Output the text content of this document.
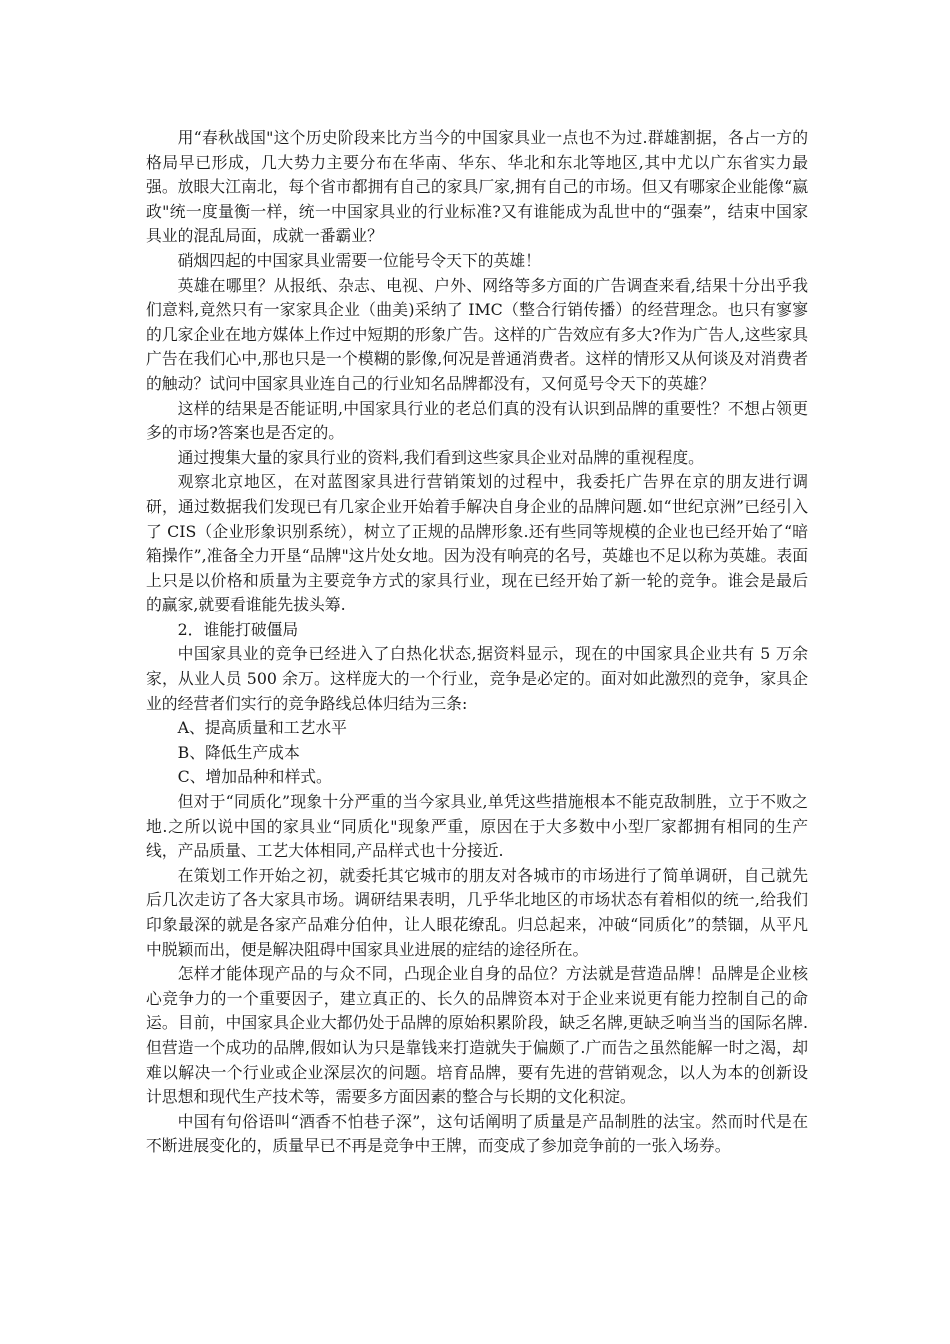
用“春秋战国"这个历史阶段来比方当今的中国家具业一点也不为过.群雄割据，各占一方的格局早已形成，几大势力主要分布在华南、华东、华北和东北等地区,其中尤以广东省实力最强。放眼大江南北，每个省市都拥有自己的家具厂家,拥有自己的市场。但又有哪家企业能像“嬴政"统一度量衡一样，统一中国家具业的行业标准?又有谁能成为乱世中的“强秦”，结束中国家具业的混乱局面，成就一番霸业？

硝烟四起的中国家具业需要一位能号令天下的英雄！

英雄在哪里？从报纸、杂志、电视、户外、网络等多方面的广告调查来看,结果十分出乎我们意料,竟然只有一家家具企业（曲美)采纳了 IMC（整合行销传播）的经营理念。也只有寥寥的几家企业在地方媒体上作过中短期的形象广告。这样的广告效应有多大?作为广告人,这些家具广告在我们心中,那也只是一个模糊的影像,何况是普通消费者。这样的情形又从何谈及对消费者的触动？试问中国家具业连自己的行业知名品牌都没有，又何觅号令天下的英雄？

这样的结果是否能证明,中国家具行业的老总们真的没有认识到品牌的重要性？不想占领更多的市场?答案也是否定的。

通过搜集大量的家具行业的资料,我们看到这些家具企业对品牌的重视程度。

观察北京地区，在对蓝图家具进行营销策划的过程中，我委托广告界在京的朋友进行调研，通过数据我们发现已有几家企业开始着手解决自身企业的品牌问题.如“世纪京洲”已经引入了 CIS（企业形象识别系统），树立了正规的品牌形象.还有些同等规模的企业也已经开始了“暗箱操作”,准备全力开垦“品牌"这片处女地。因为没有响亮的名号，英雄也不足以称为英雄。表面上只是以价格和质量为主要竞争方式的家具行业，现在已经开始了新一轮的竞争。谁会是最后的赢家,就要看谁能先拔头筹.

2．谁能打破僵局

中国家具业的竞争已经进入了白热化状态,据资料显示，现在的中国家具企业共有 5 万余家，从业人员 500 余万。这样庞大的一个行业，竞争是必定的。面对如此激烈的竞争，家具企业的经营者们实行的竞争路线总体归结为三条:

A、提高质量和工艺水平

B、降低生产成本

C、增加品种和样式。

但对于“同质化”现象十分严重的当今家具业,单凭这些措施根本不能克敌制胜，立于不败之地.之所以说中国的家具业“同质化"现象严重，原因在于大多数中小型厂家都拥有相同的生产线，产品质量、工艺大体相同,产品样式也十分接近.

在策划工作开始之初，就委托其它城市的朋友对各城市的市场进行了简单调研，自己就先后几次走访了各大家具市场。调研结果表明，几乎华北地区的市场状态有着相似的统一,给我们印象最深的就是各家产品难分伯仲，让人眼花缭乱。归总起来，冲破“同质化”的禁锢，从平凡中脱颖而出，便是解决阻碍中国家具业进展的症结的途径所在。

怎样才能体现产品的与众不同，凸现企业自身的品位？方法就是营造品牌！品牌是企业核心竞争力的一个重要因子，建立真正的、长久的品牌资本对于企业来说更有能力控制自己的命运。目前，中国家具企业大都仍处于品牌的原始积累阶段，缺乏名牌,更缺乏响当当的国际名牌.但营造一个成功的品牌,假如认为只是靠钱来打造就失于偏颇了.广而告之虽然能解一时之渴，却难以解决一个行业或企业深层次的问题。培育品牌，要有先进的营销观念，以人为本的创新设计思想和现代生产技术等，需要多方面因素的整合与长期的文化积淀。

中国有句俗语叫“酒香不怕巷子深”，这句话阐明了质量是产品制胜的法宝。然而时代是在不断进展变化的，质量早已不再是竞争中王牌，而变成了参加竞争前的一张入场券。
